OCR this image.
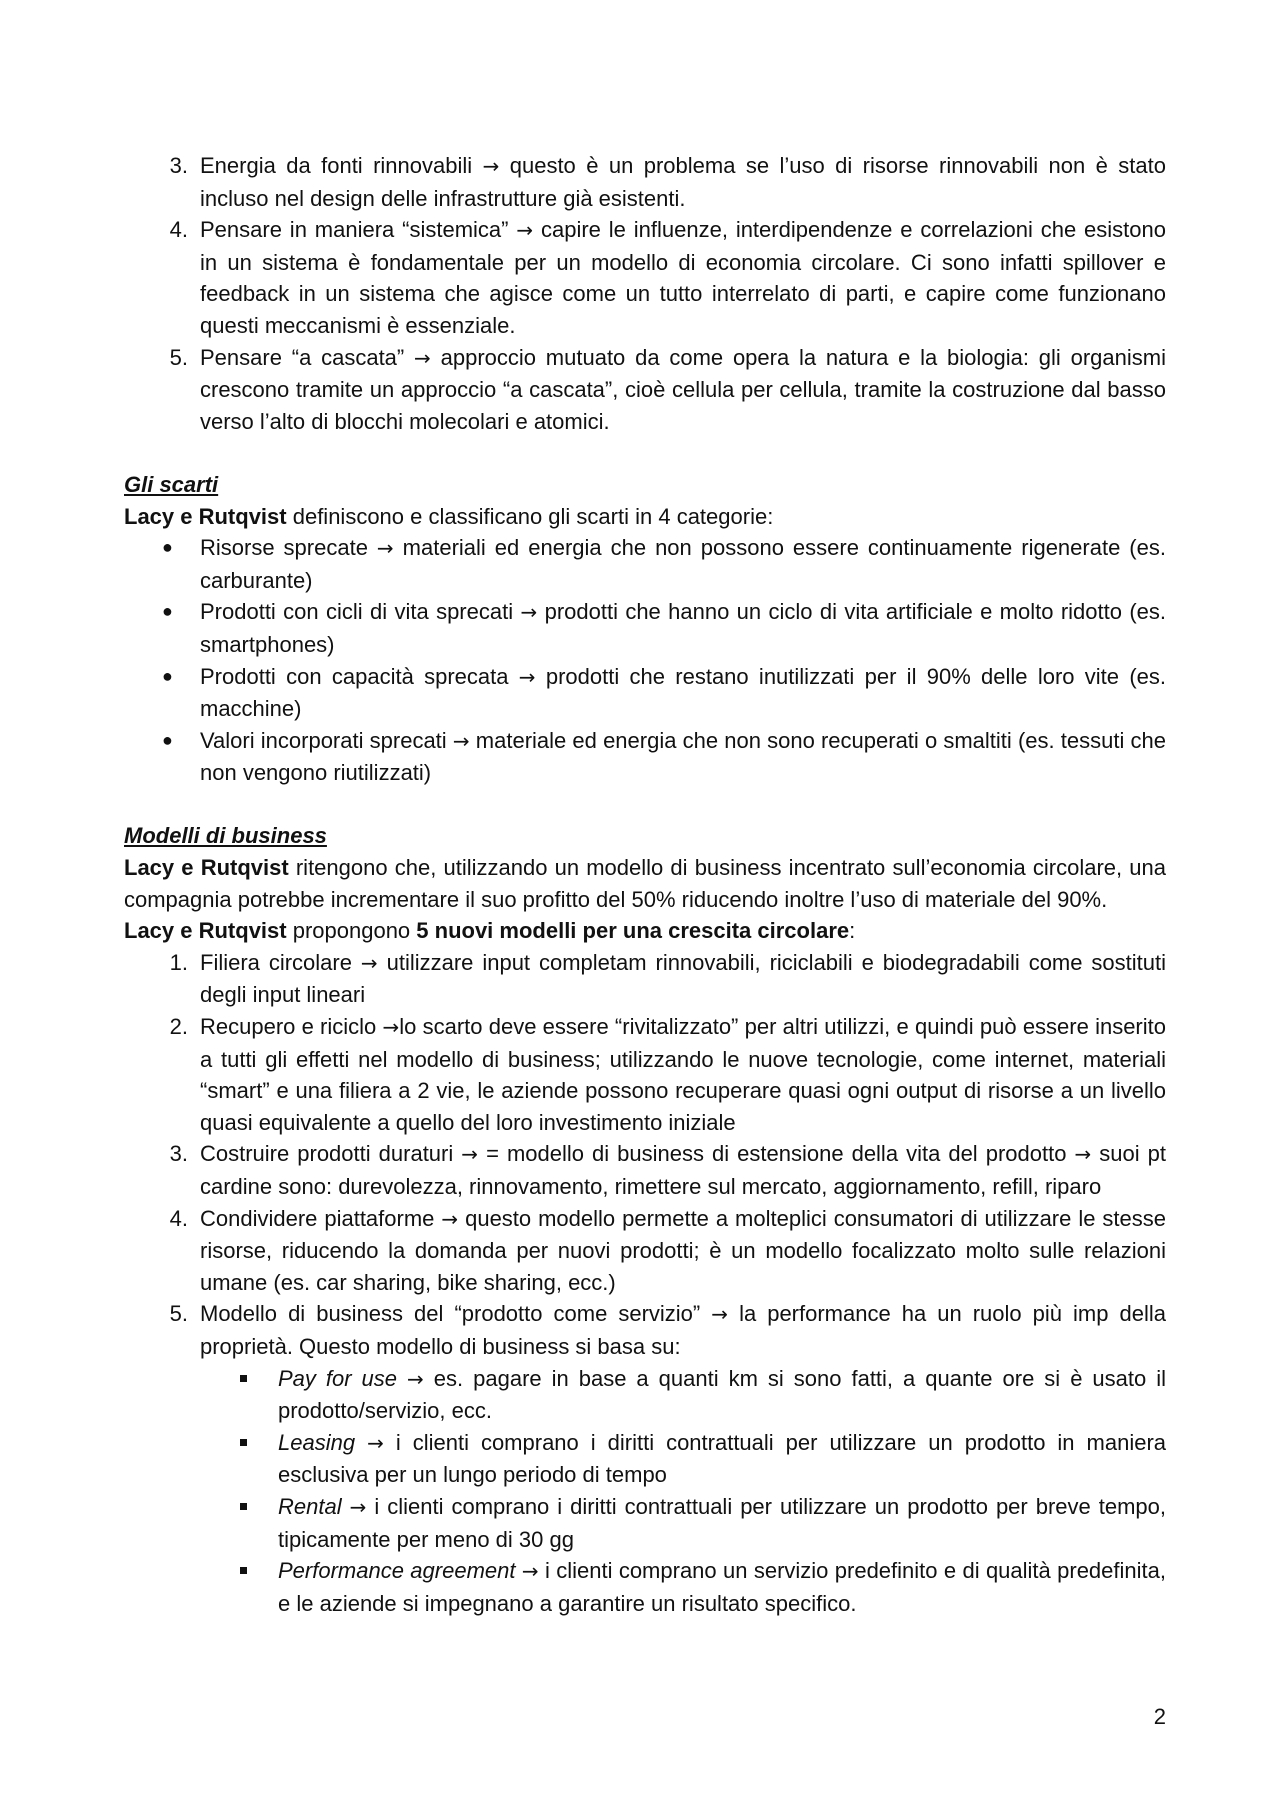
3. Energia da fonti rinnovabili → questo è un problema se l’uso di risorse rinnovabili non è stato incluso nel design delle infrastrutture già esistenti.
4. Pensare in maniera “sistemica” → capire le influenze, interdipendenze e correlazioni che esistono in un sistema è fondamentale per un modello di economia circolare. Ci sono infatti spillover e feedback in un sistema che agisce come un tutto interrelato di parti, e capire come funzionano questi meccanismi è essenziale.
5. Pensare “a cascata” → approccio mutuato da come opera la natura e la biologia: gli organismi crescono tramite un approccio “a cascata”, cioè cellula per cellula, tramite la costruzione dal basso verso l’alto di blocchi molecolari e atomici.

Gli scarti

Lacy e Rutqvist definiscono e classificano gli scarti in 4 categorie:

● Risorse sprecate → materiali ed energia che non possono essere continuamente rigenerate (es. carburante)
● Prodotti con cicli di vita sprecati → prodotti che hanno un ciclo di vita artificiale e molto ridotto (es. smartphones)
● Prodotti con capacità sprecata → prodotti che restano inutilizzati per il 90% delle loro vite (es. macchine)
● Valori incorporati sprecati → materiale ed energia che non sono recuperati o smaltiti (es. tessuti che non vengono riutilizzati)

Modelli di business

Lacy e Rutqvist ritengono che, utilizzando un modello di business incentrato sull’economia circolare, una compagnia potrebbe incrementare il suo profitto del 50% riducendo inoltre l’uso di materiale del 90%.

Lacy e Rutqvist propongono 5 nuovi modelli per una crescita circolare:

1. Filiera circolare → utilizzare input completam rinnovabili, riciclabili e biodegradabili come sostituti degli input lineari
2. Recupero e riciclo →lo scarto deve essere “rivitalizzato” per altri utilizzi, e quindi può essere inserito a tutti gli effetti nel modello di business; utilizzando le nuove tecnologie, come internet, materiali “smart” e una filiera a 2 vie, le aziende possono recuperare quasi ogni output di risorse a un livello quasi equivalente a quello del loro investimento iniziale
3. Costruire prodotti duraturi → = modello di business di estensione della vita del prodotto → suoi pt cardine sono: durevolezza, rinnovamento, rimettere sul mercato, aggiornamento, refill, riparo
4. Condividere piattaforme → questo modello permette a molteplici consumatori di utilizzare le stesse risorse, riducendo la domanda per nuovi prodotti; è un modello focalizzato molto sulle relazioni umane (es. car sharing, bike sharing, ecc.)
5. Modello di business del “prodotto come servizio” → la performance ha un ruolo più imp della proprietà. Questo modello di business si basa su:
Pay for use → es. pagare in base a quanti km si sono fatti, a quante ore si è usato il prodotto/servizio, ecc.
Leasing → i clienti comprano i diritti contrattuali per utilizzare un prodotto in maniera esclusiva per un lungo periodo di tempo
Rental → i clienti comprano i diritti contrattuali per utilizzare un prodotto per breve tempo, tipicamente per meno di 30 gg
Performance agreement → i clienti comprano un servizio predefinito e di qualità predefinita, e le aziende si impegnano a garantire un risultato specifico.
2
